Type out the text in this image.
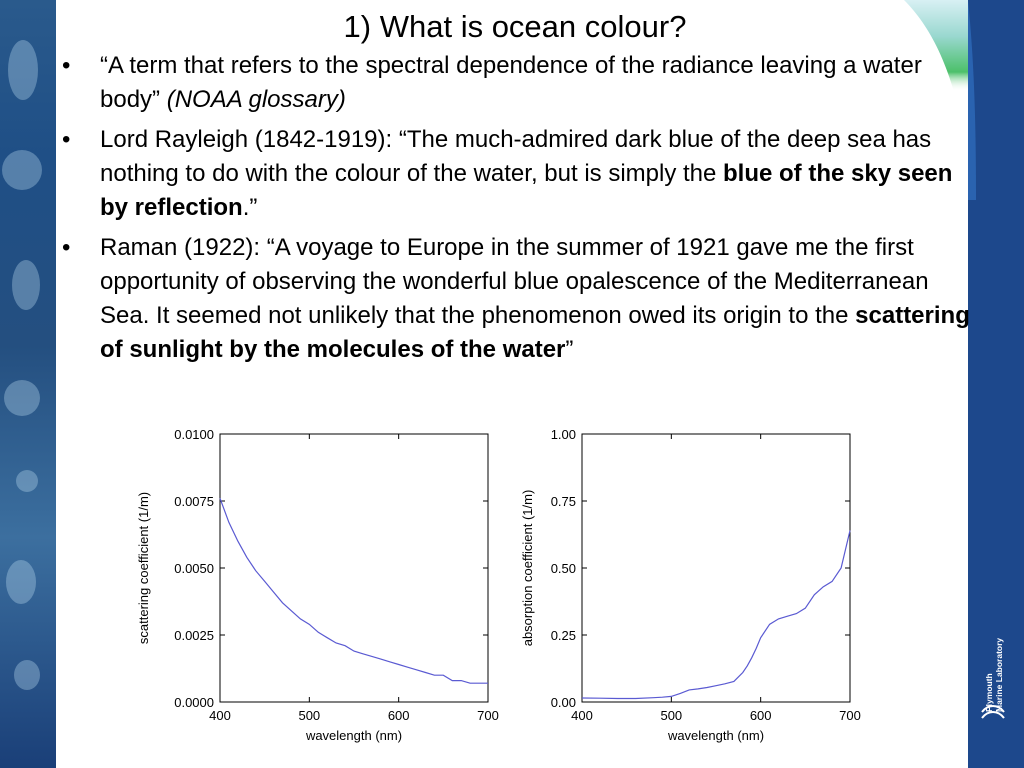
Plymouth Marine Laboratory
1) What is ocean colour?
• “A term that refers to the spectral dependence of the radiance leaving a water body” (NOAA glossary)
• Lord Rayleigh (1842-1919): “The much-admired dark blue of the deep sea has nothing to do with the colour of the water, but is simply the blue of the sky seen by reflection.”
• Raman (1922): “A voyage to Europe in the summer of 1921 gave me the first opportunity of observing the wonderful blue opalescence of the Mediterranean Sea. It seemed not unlikely that the phenomenon owed its origin to the scattering of sunlight by the molecules of the water”
400	500	600	700
0.0000
0.0025
0.0050
0.0075
0.0100
wavelength (nm)
scattering coefficient (1/m)
400	500	600	700
0.00
0.25
0.50
0.75
1.00
wavelength (nm)
absorption coefficient (1/m)
